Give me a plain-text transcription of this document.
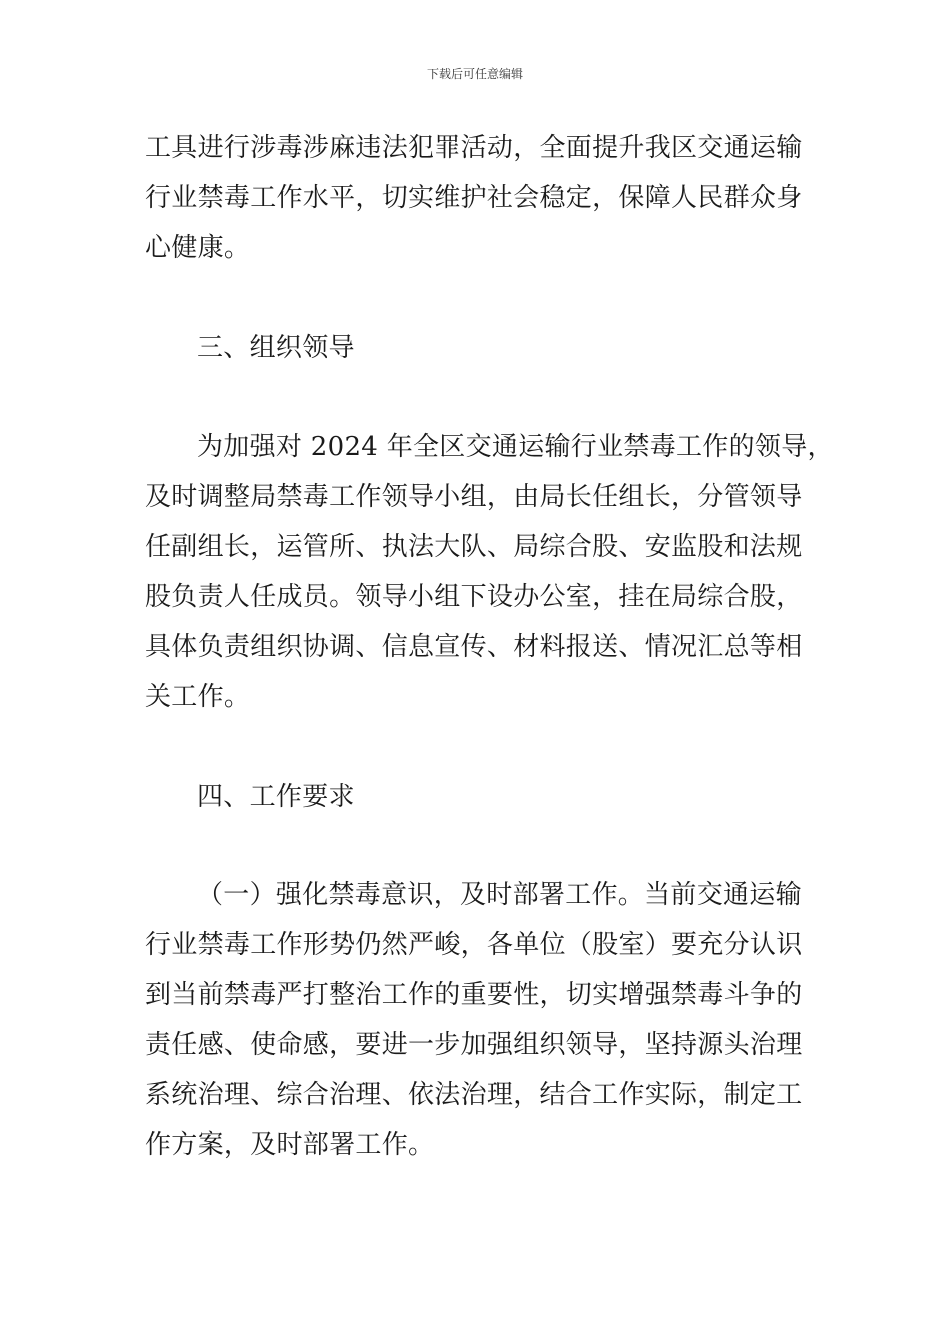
下载后可任意编辑

工具进行涉毒涉麻违法犯罪活动，全面提升我区交通运输
行业禁毒工作水平，切实维护社会稳定，保障人民群众身
心健康。

三、组织领导

为加强对 2024 年全区交通运输行业禁毒工作的领导，
及时调整局禁毒工作领导小组，由局长任组长，分管领导
任副组长，运管所、执法大队、局综合股、安监股和法规
股负责人任成员。领导小组下设办公室，挂在局综合股，
具体负责组织协调、信息宣传、材料报送、情况汇总等相
关工作。

四、工作要求

（一）强化禁毒意识，及时部署工作。当前交通运输
行业禁毒工作形势仍然严峻，各单位（股室）要充分认识
到当前禁毒严打整治工作的重要性，切实增强禁毒斗争的
责任感、使命感，要进一步加强组织领导，坚持源头治理
系统治理、综合治理、依法治理，结合工作实际，制定工
作方案，及时部署工作。
